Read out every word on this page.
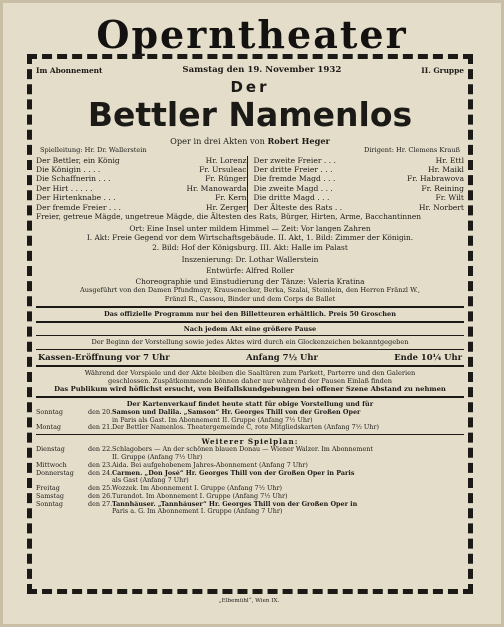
Operntheater
Im Abonnement	Samstag den 19. November 1932	II. Gruppe
Der
Bettler Namenlos
Oper in drei Akten von Robert Heger
Spielleitung: Hr. Dr. Wallerstein	Dirigent: Hr. Clemens Krauß
Der Bettler, ein König	Hr. Lorenz
Die Königin . . . .	Fr. Ursuleac
Die Schaffnerin . . .	Fr. Rünger
Der Hirt . . . . .	Hr. Manowarda
Der Hirtenknabe . . .	Fr. Kern
Der fremde Freier . . .	Hr. Zerger
Der zweite Freier . . .	Hr. Ettl
Der dritte Freier . . .	Hr. Maikl
Die fremde Magd . . .	Fr. Habrawova
Die zweite Magd . . .	Fr. Reining
Die dritte Magd . . .	Fr. Wilt
Der Älteste des Rats . .	Hr. Norbert
Freier, getreue Mägde, ungetreue Mägde, die Ältesten des Rats, Bürger, Hirten, Arme, Bacchantinnen
Ort: Eine Insel unter mildem Himmel — Zeit: Vor langen Zahren
I. Akt: Freie Gegend vor dem Wirtschaftsgebäude. II. Akt, 1. Bild: Zimmer der Königin.
2. Bild: Hof der Königsburg. III. Akt: Halle im Palast
Inszenierung: Dr. Lothar Wallerstein
Entwürfe: Alfred Roller
Choreographie und Einstudierung der Tänze: Valeria Kratina
Ausgeführt von den Damen Pfundmayr, Krausenecker, Berka, Szalai, Steinlein, den Herren Fränzl W.,
Fränzl R., Cassou, Binder und dem Corps de Ballet
Das offizielle Programm nur bei den Billetteuren erhältlich. Preis 50 Groschen
Nach jedem Akt eine größere Pause
Der Beginn der Vorstellung sowie jedes Aktes wird durch ein Glockenzeichen bekanntgegeben
Kassen-Eröffnung vor 7 Uhr	Anfang 7½ Uhr	Ende 10¼ Uhr
Während der Vorspiele und der Akte bleiben die Saaltüren zum Parkett, Parterre und den Galerien
geschlossen. Zuspätkommende können daher nur während der Pausen Einlaß finden
Das Publikum wird höflichst ersucht, von Beifallskundgebungen bei offener Szene Abstand zu nehmen
Der Kartenverkauf findet heute statt für obige Vorstellung und für
Sonntag	den 20. Samson und Dalila. „Samson“ Hr. Georges Thill von der Großen Oper
in Paris als Gast. Im Abonnement II. Gruppe (Anfang 7½ Uhr)
Montag	den 21. Der Bettler Namenlos. Theatergemeinde C, rote Mitgliedskarten (Anfang 7½ Uhr)
Weiterer Spielplan:
Dienstag	den 22. Schlagobers — An der schönen blauen Donau — Wiener Walzer. Im Abonnement
II. Gruppe (Anfang 7½ Uhr)
Mittwoch	den 23. Aida. Bei aufgehobenem Jahres-Abonnement (Anfang 7 Uhr)
Donnerstag	den 24. Carmen. „Don José“ Hr. Georges Thill von der Großen Oper in Paris
als Gast (Anfang 7 Uhr)
Freitag	den 25. Wozzek. Im Abonnement I. Gruppe (Anfang 7½ Uhr)
Samstag	den 26. Turandot. Im Abonnement I. Gruppe (Anfang 7½ Uhr)
Sonntag	den 27. Tannhäuser. „Tannhäuser“ Hr. Georges Thill von der Großen Oper in
Paris a. G. Im Abonnement I. Gruppe (Anfang 7 Uhr)
„Elbemühl“, Wien IX.
